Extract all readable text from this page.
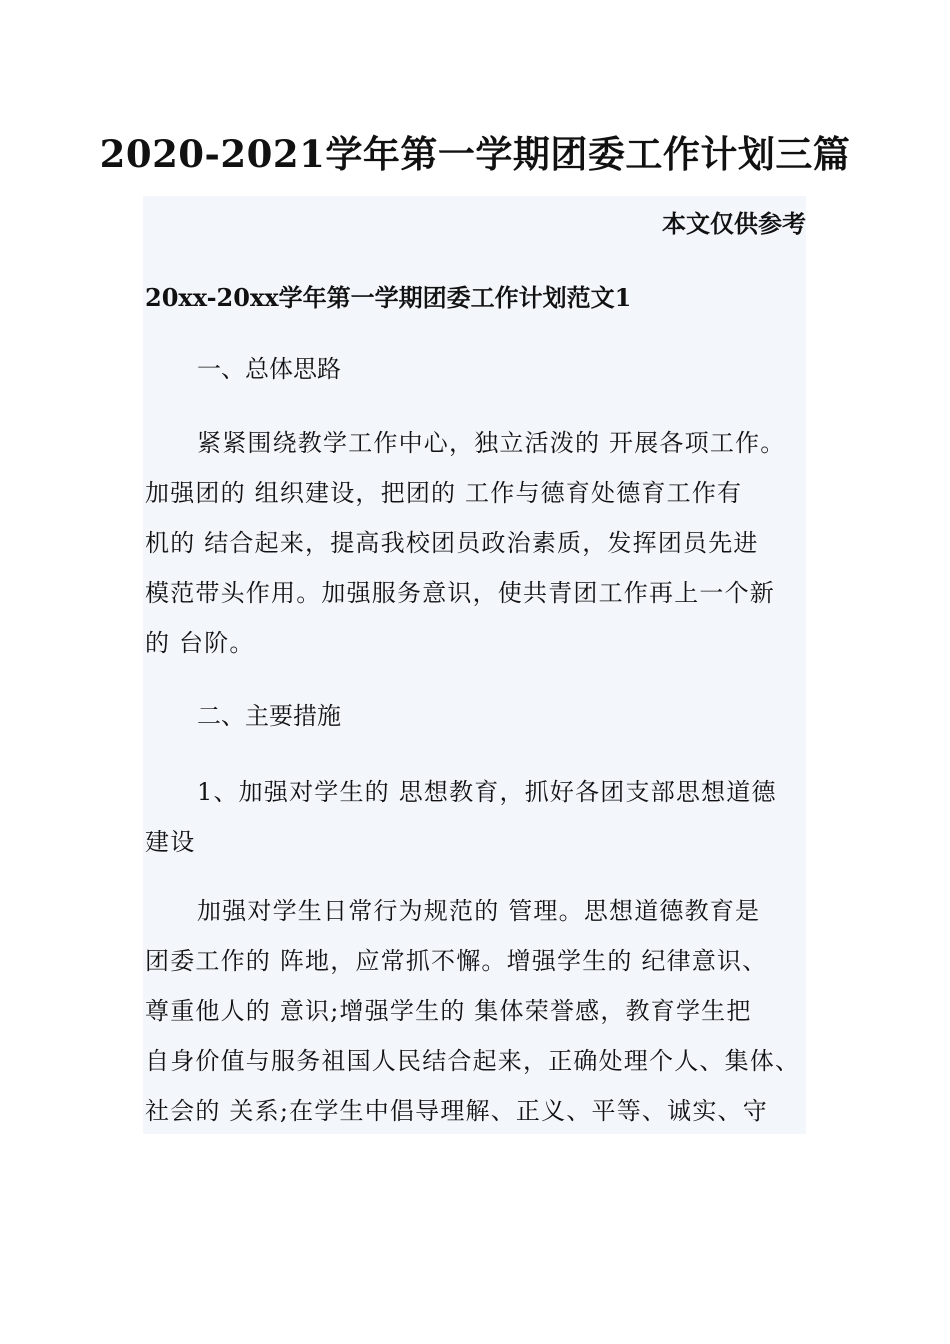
2020-2021学年第一学期团委工作计划三篇
本文仅供参考
20xx-20xx学年第一学期团委工作计划范文1
一、总体思路
紧紧围绕教学工作中心，独立活泼的 开展各项工作。
加强团的 组织建设，把团的 工作与德育处德育工作有
机的 结合起来，提高我校团员政治素质，发挥团员先进
模范带头作用。加强服务意识，使共青团工作再上一个新
的 台阶。
二、主要措施
1、加强对学生的 思想教育，抓好各团支部思想道德
建设
加强对学生日常行为规范的 管理。思想道德教育是
团委工作的 阵地，应常抓不懈。增强学生的 纪律意识、
尊重他人的 意识;增强学生的 集体荣誉感，教育学生把
自身价值与服务祖国人民结合起来，正确处理个人、集体、
社会的 关系;在学生中倡导理解、正义、平等、诚实、守
